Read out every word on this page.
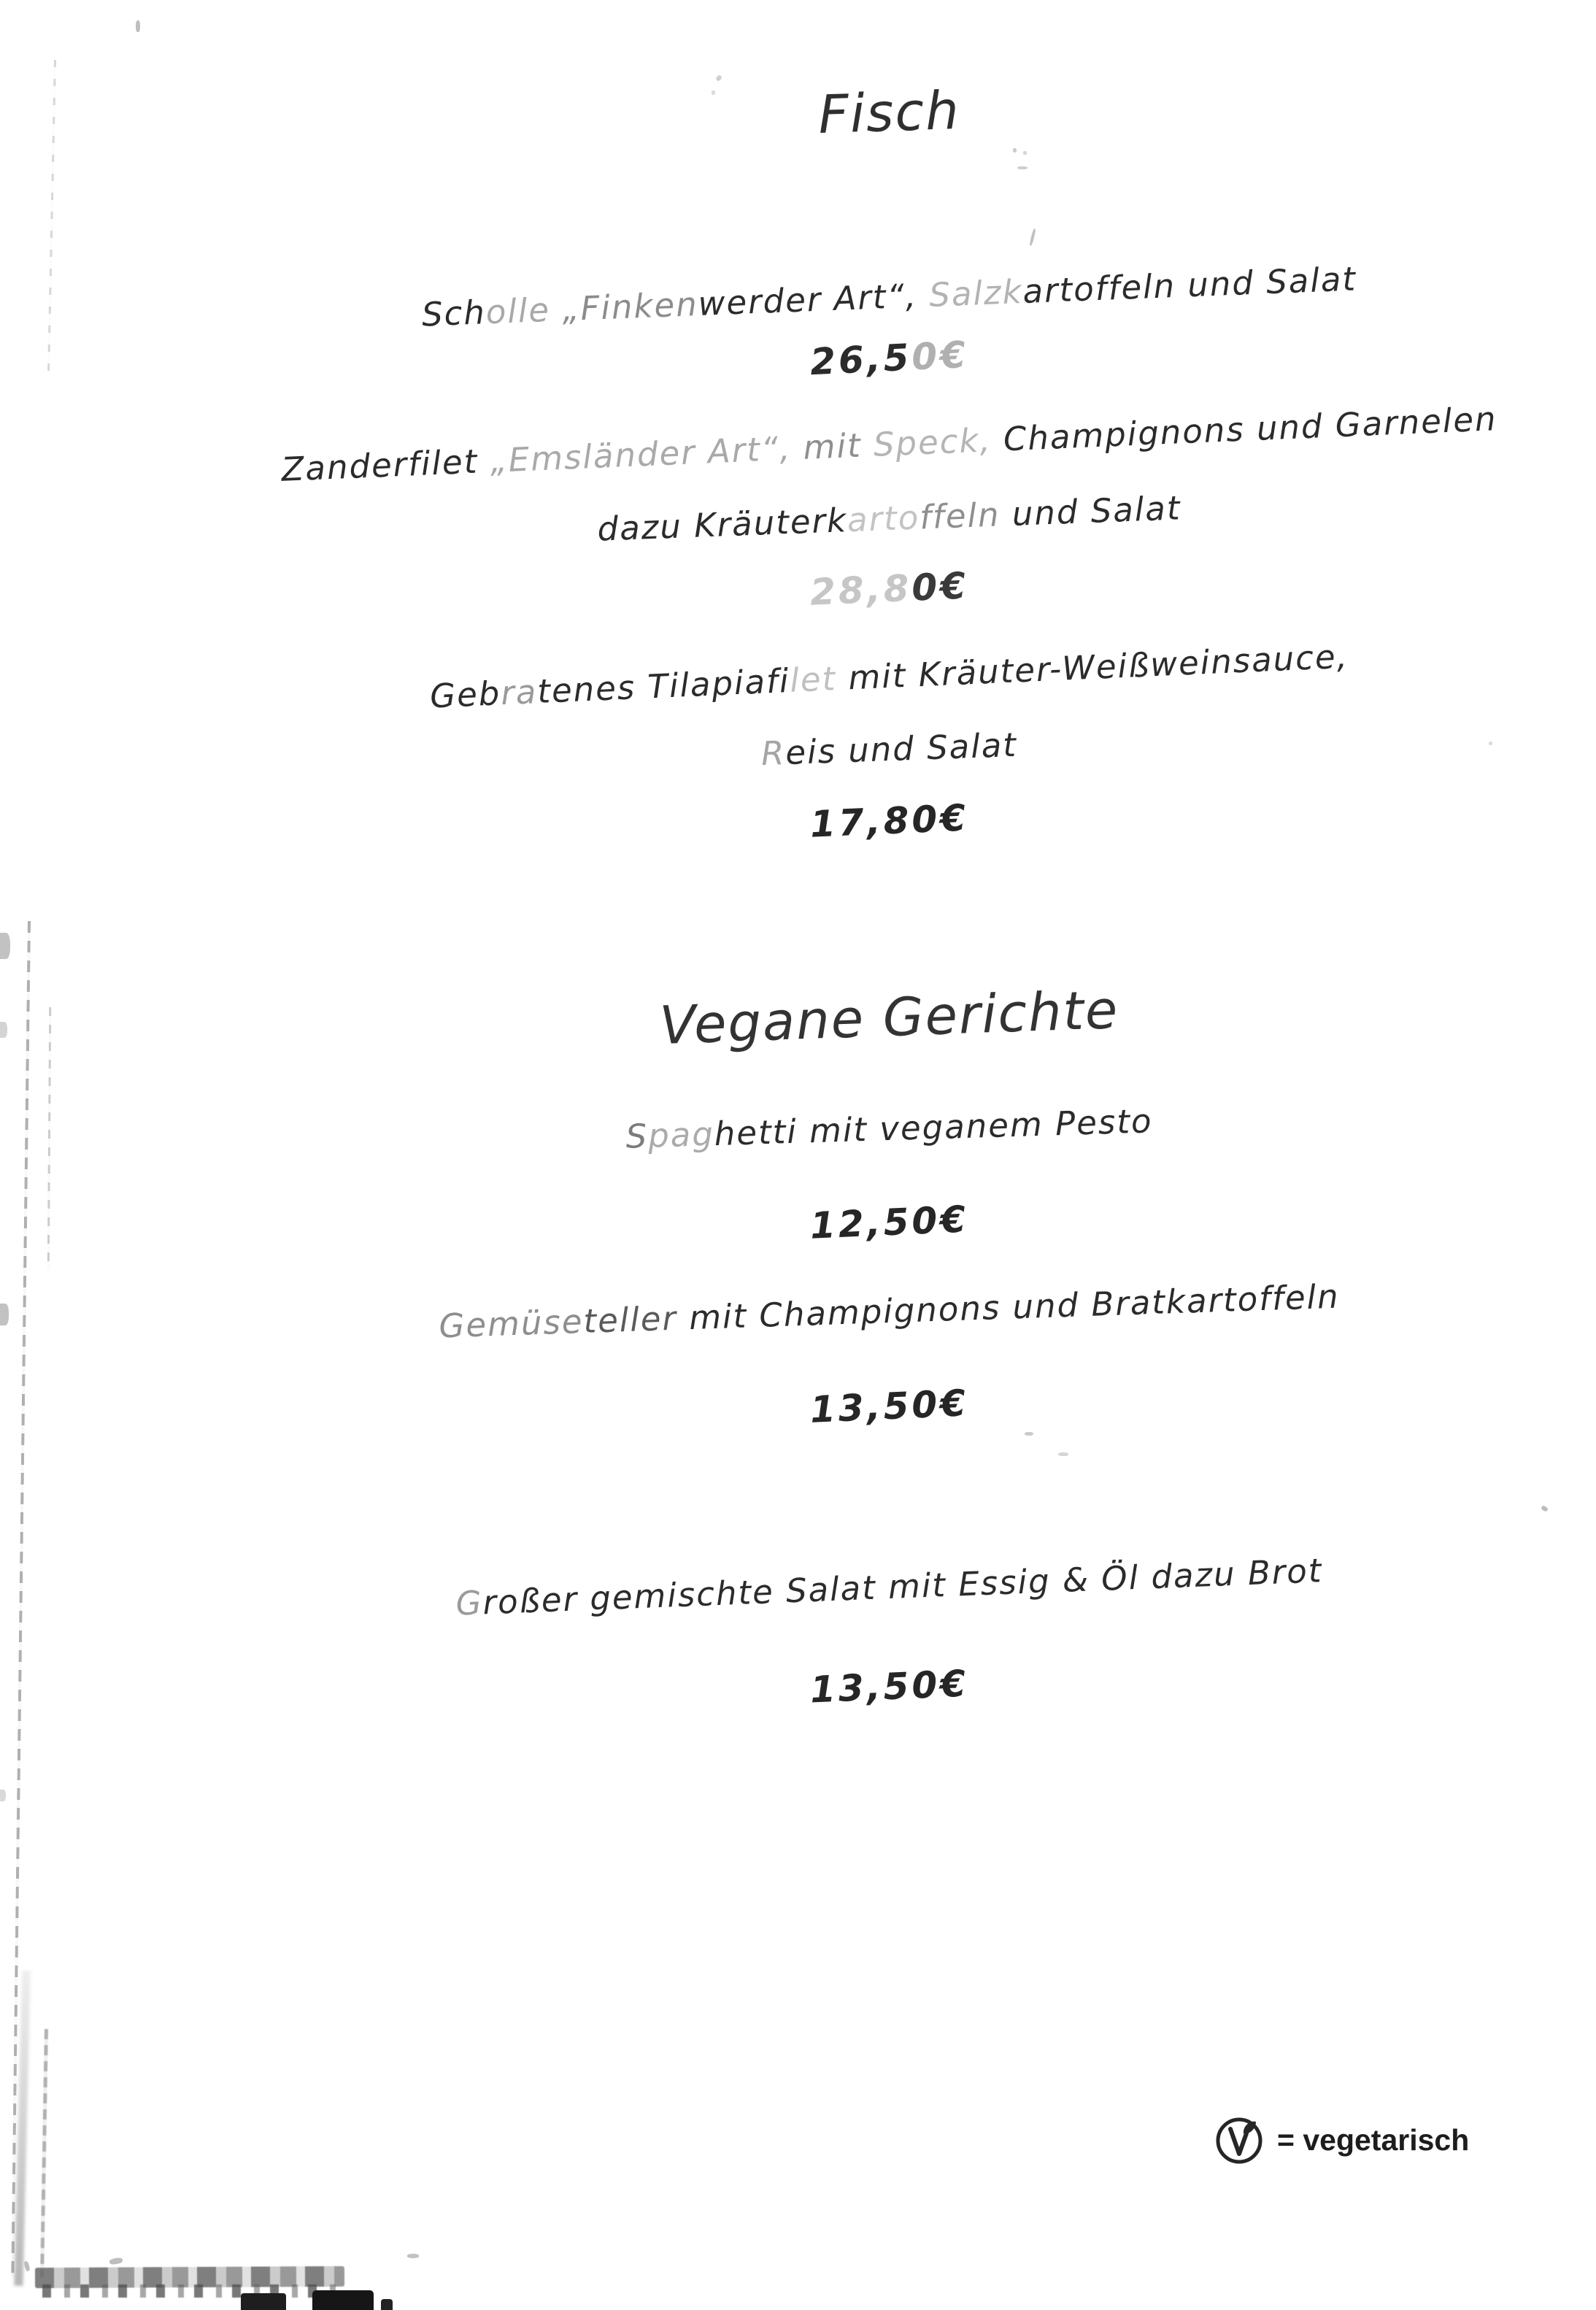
Fisch
Scholle „Finkenwerder Art“, Salzkartoffeln und Salat
26,50€
Zanderfilet „Emsländer Art“, mit Speck, Champignons und Garnelen
dazu Kräuterkartoffeln und Salat
28,80€
Gebratenes Tilapiafilet mit Kräuter-Weißweinsauce,
Reis und Salat
17,80€
Vegane Gerichte
Spaghetti mit veganem Pesto
12,50€
Gemüseteller mit Champignons und Bratkartoffeln
13,50€
Großer gemischte Salat mit Essig & Öl dazu Brot
13,50€
= vegetarisch
